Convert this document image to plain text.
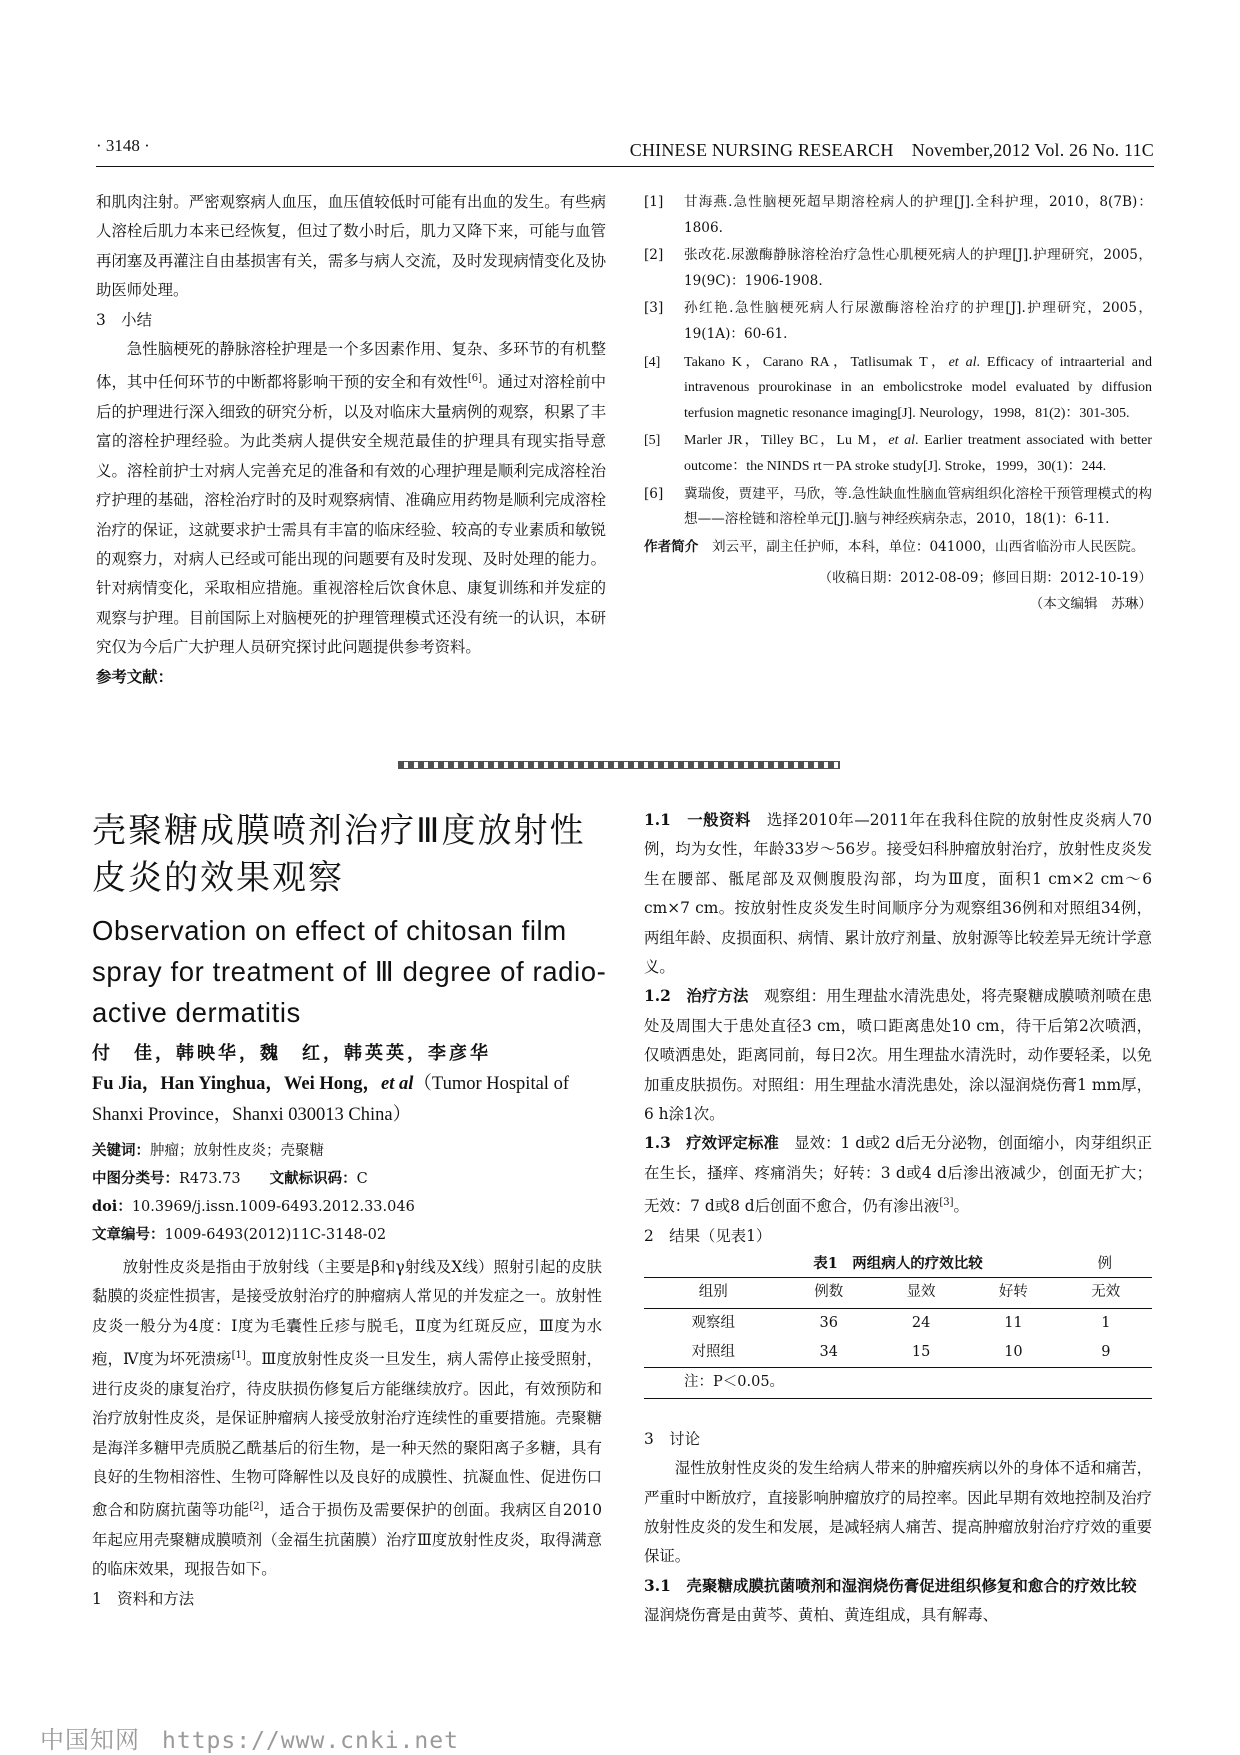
· 3148 ·	CHINESE NURSING RESEARCH　November,2012 Vol. 26 No. 11C

和肌肉注射。严密观察病人血压，血压值较低时可能有出血的发生。有些病人溶栓后肌力本来已经恢复，但过了数小时后，肌力又降下来，可能与血管再闭塞及再灌注自由基损害有关，需多与病人交流，及时发现病情变化及协助医师处理。

3　小结

急性脑梗死的静脉溶栓护理是一个多因素作用、复杂、多环节的有机整体，其中任何环节的中断都将影响干预的安全和有效性[6]。通过对溶栓前中后的护理进行深入细致的研究分析，以及对临床大量病例的观察，积累了丰富的溶栓护理经验。为此类病人提供安全规范最佳的护理具有现实指导意义。溶栓前护士对病人完善充足的准备和有效的心理护理是顺利完成溶栓治疗护理的基础，溶栓治疗时的及时观察病情、准确应用药物是顺利完成溶栓治疗的保证，这就要求护士需具有丰富的临床经验、较高的专业素质和敏锐的观察力，对病人已经或可能出现的问题要有及时发现、及时处理的能力。针对病情变化，采取相应措施。重视溶栓后饮食休息、康复训练和并发症的观察与护理。目前国际上对脑梗死的护理管理模式还没有统一的认识，本研究仅为今后广大护理人员研究探讨此问题提供参考资料。

参考文献：

[1] 甘海燕.急性脑梗死超早期溶栓病人的护理[J].全科护理，2010，8(7B)：1806.
[2] 张改花.尿激酶静脉溶栓治疗急性心肌梗死病人的护理[J].护理研究，2005，19(9C)：1906-1908.
[3] 孙红艳.急性脑梗死病人行尿激酶溶栓治疗的护理[J].护理研究，2005，19(1A)：60-61.
[4] Takano K，Carano RA，Tatlisumak T，et al. Efficacy of intraarterial and intravenous prourokinase in an embolicstroke model evaluated by diffusion terfusion magnetic resonance imaging[J]. Neurology，1998，81(2)：301-305.
[5] Marler JR，Tilley BC，Lu M，et al. Earlier treatment associated with better outcome：the NINDS rt－PA stroke study[J]. Stroke，1999，30(1)：244.
[6] 冀瑞俊，贾建平，马欣，等.急性缺血性脑血管病组织化溶栓干预管理模式的构想——溶栓链和溶栓单元[J].脑与神经疾病杂志，2010，18(1)：6-11.
作者简介　刘云平，副主任护师，本科，单位：041000，山西省临汾市人民医院。
（收稿日期：2012-08-09；修回日期：2012-10-19）
（本文编辑　苏琳）
壳聚糖成膜喷剂治疗Ⅲ度放射性
皮炎的效果观察
Observation on effect of chitosan film
spray for treatment of Ⅲ degree of radio-
active dermatitis
付　佳，韩映华，魏　红，韩英英，李彦华
Fu Jia，Han Yinghua，Wei Hong，et al（Tumor Hospital of Shanxi Province，Shanxi 030013 China）
关键词：肿瘤；放射性皮炎；壳聚糖
中图分类号：R473.73　　 文献标识码：C
doi：10.3969/j.issn.1009-6493.2012.33.046
文章编号：1009-6493(2012)11C-3148-02

放射性皮炎是指由于放射线（主要是β和γ射线及X线）照射引起的皮肤黏膜的炎症性损害，是接受放射治疗的肿瘤病人常见的并发症之一。放射性皮炎一般分为4度：Ⅰ度为毛囊性丘疹与脱毛，Ⅱ度为红斑反应，Ⅲ度为水疱，Ⅳ度为坏死溃疡[1]。Ⅲ度放射性皮炎一旦发生，病人需停止接受照射，进行皮炎的康复治疗，待皮肤损伤修复后方能继续放疗。因此，有效预防和治疗放射性皮炎，是保证肿瘤病人接受放射治疗连续性的重要措施。壳聚糖是海洋多糖甲壳质脱乙酰基后的衍生物，是一种天然的聚阳离子多糖，具有良好的生物相溶性、生物可降解性以及良好的成膜性、抗凝血性、促进伤口愈合和防腐抗菌等功能[2]，适合于损伤及需要保护的创面。我病区自2010年起应用壳聚糖成膜喷剂（金福生抗菌膜）治疗Ⅲ度放射性皮炎，取得满意的临床效果，现报告如下。

1　资料和方法

1.1　一般资料　选择2010年—2011年在我科住院的放射性皮炎病人70例，均为女性，年龄33岁～56岁。接受妇科肿瘤放射治疗，放射性皮炎发生在腰部、骶尾部及双侧腹股沟部，均为Ⅲ度，面积1 cm×2 cm～6 cm×7 cm。按放射性皮炎发生时间顺序分为观察组36例和对照组34例，两组年龄、皮损面积、病情、累计放疗剂量、放射源等比较差异无统计学意义。

1.2　治疗方法　观察组：用生理盐水清洗患处，将壳聚糖成膜喷剂喷在患处及周围大于患处直径3 cm，喷口距离患处10 cm，待干后第2次喷洒，仅喷洒患处，距离同前，每日2次。用生理盐水清洗时，动作要轻柔，以免加重皮肤损伤。对照组：用生理盐水清洗患处，涂以湿润烧伤膏1 mm厚，6 h涂1次。

1.3　疗效评定标准　显效：1 d或2 d后无分泌物，创面缩小，肉芽组织正在生长，搔痒、疼痛消失；好转：3 d或4 d后渗出液减少，创面无扩大；无效：7 d或8 d后创面不愈合，仍有渗出液[3]。

2　结果（见表1）

表1　两组病人的疗效比较	例
组别	例数	显效	好转	无效
观察组	36	24	11	1
对照组	34	15	10	9
注：P＜0.05。				

3　讨论

湿性放射性皮炎的发生给病人带来的肿瘤疾病以外的身体不适和痛苦，严重时中断放疗，直接影响肿瘤放疗的局控率。因此早期有效地控制及治疗放射性皮炎的发生和发展，是减轻病人痛苦、提高肿瘤放射治疗疗效的重要保证。

3.1　壳聚糖成膜抗菌喷剂和湿润烧伤膏促进组织修复和愈合的疗效比较　湿润烧伤膏是由黄芩、黄柏、黄连组成，具有解毒、

中国知网 https://www.cnki.net
